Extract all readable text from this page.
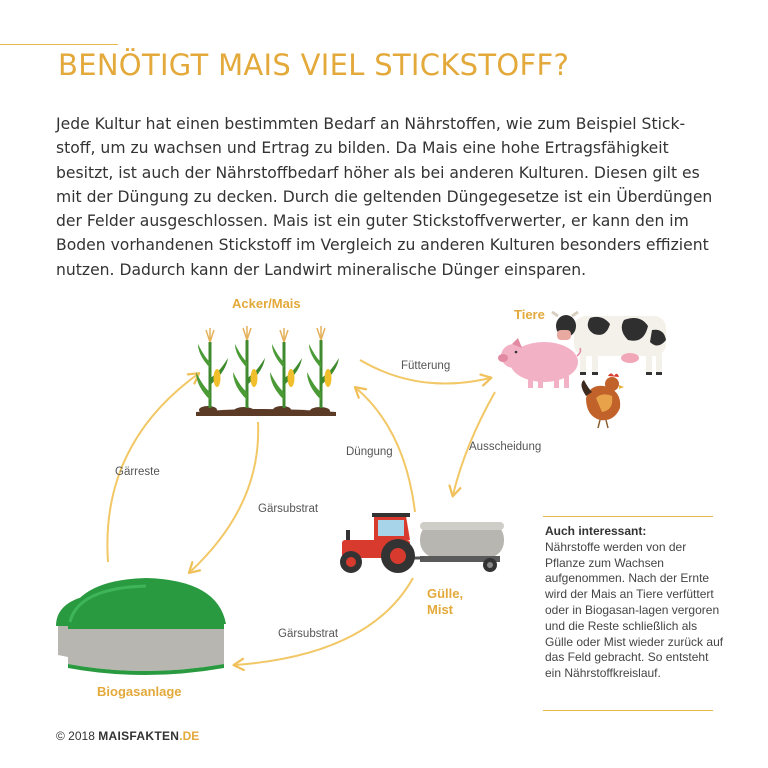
BENÖTIGT MAIS VIEL STICKSTOFF?

Jede Kultur hat einen bestimmten Bedarf an Nährstoffen, wie zum Beispiel Stick-stoff, um zu wachsen und Ertrag zu bilden. Da Mais eine hohe Ertragsfähigkeit besitzt, ist auch der Nährstoffbedarf höher als bei anderen Kulturen. Diesen gilt es mit der Düngung zu decken. Durch die geltenden Düngegesetze ist ein Überdüngen der Felder ausgeschlossen. Mais ist ein guter Stickstoffverwerter, er kann den im Boden vorhandenen Stickstoff im Vergleich zu anderen Kulturen besonders effizient nutzen. Dadurch kann der Landwirt mineralische Dünger einsparen.

Acker/Mais
Tiere
Gülle,
Mist
Biogasanlage
Fütterung
Ausscheidung
Düngung
Gärsubstrat
Gärsubstrat
Gärreste
Auch interessant:

Nährstoffe werden von der Pflanze zum Wachsen aufgenommen. Nach der Ernte wird der Mais an Tiere verfüttert oder in Biogasan-lagen vergoren und die Reste schließlich als Gülle oder Mist wieder zurück auf das Feld gebracht. So entsteht ein Nährstoffkreislauf.

© 2018 MAISFAKTEN.DE
